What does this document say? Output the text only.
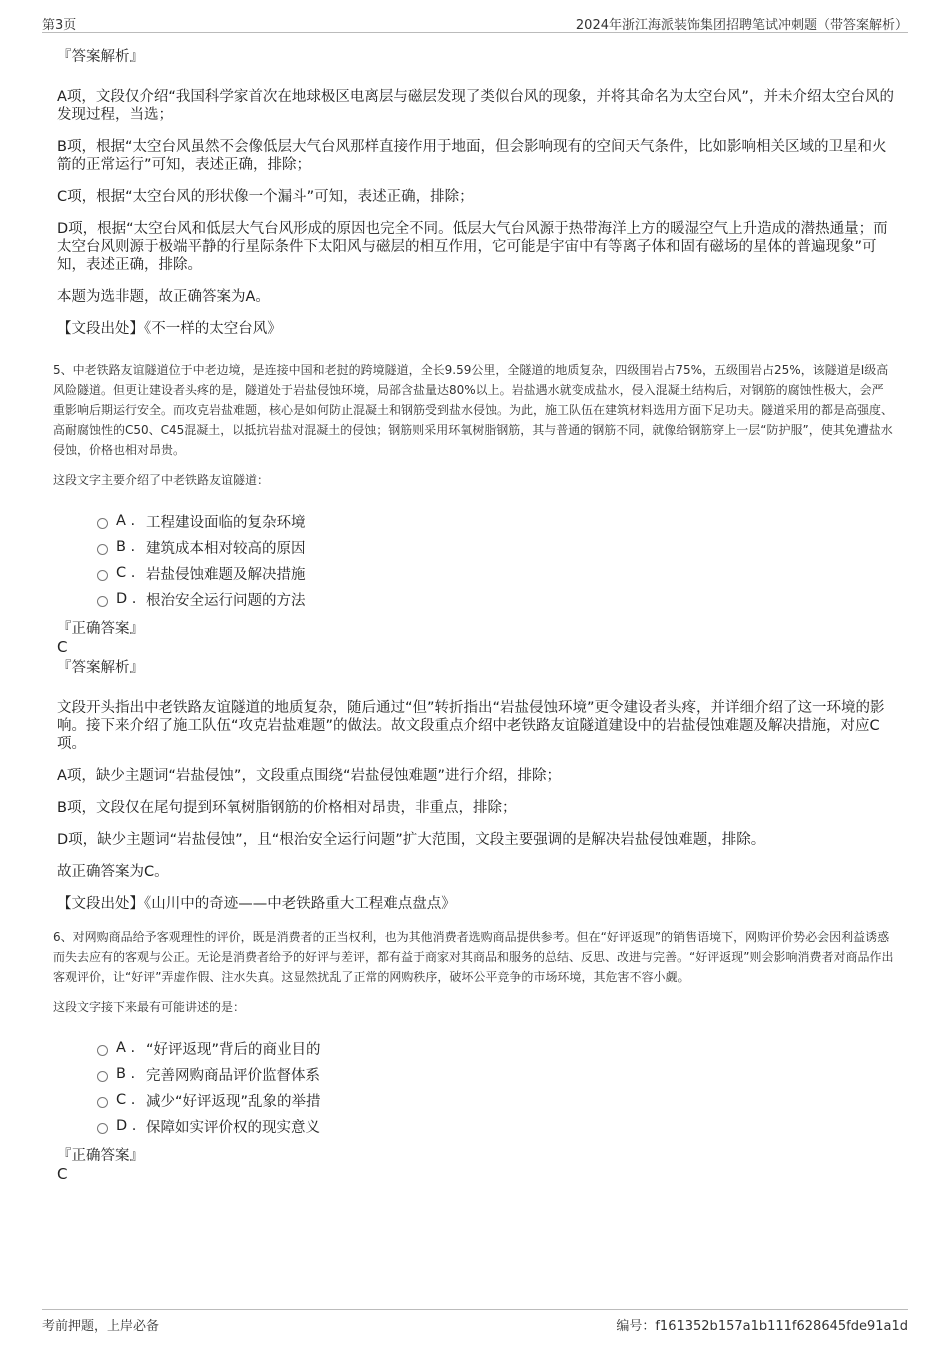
第3页	2024年浙江海派装饰集团招聘笔试冲刺题（带答案解析）

『答案解析』

A项，文段仅介绍“我国科学家首次在地球极区电离层与磁层发现了类似台风的现象，并将其命名为太空台风”，并未介绍太空台风的发现过程，当选；

B项，根据“太空台风虽然不会像低层大气台风那样直接作用于地面，但会影响现有的空间天气条件，比如影响相关区域的卫星和火箭的正常运行”可知，表述正确，排除；

C项，根据“太空台风的形状像一个漏斗”可知，表述正确，排除；

D项，根据“太空台风和低层大气台风形成的原因也完全不同。低层大气台风源于热带海洋上方的暖湿空气上升造成的潜热通量；而太空台风则源于极端平静的行星际条件下太阳风与磁层的相互作用，它可能是宇宙中有等离子体和固有磁场的星体的普遍现象”可知，表述正确，排除。

本题为选非题，故正确答案为A。

【文段出处】《不一样的太空台风》

5、中老铁路友谊隧道位于中老边境，是连接中国和老挝的跨境隧道，全长9.59公里，全隧道的地质复杂，四级围岩占75%，五级围岩占25%，该隧道是Ⅰ级高风险隧道。但更让建设者头疼的是，隧道处于岩盐侵蚀环境，局部含盐量达80%以上。岩盐遇水就变成盐水，侵入混凝土结构后，对钢筋的腐蚀性极大，会严重影响后期运行安全。而攻克岩盐难题，核心是如何防止混凝土和钢筋受到盐水侵蚀。为此，施工队伍在建筑材料选用方面下足功夫。隧道采用的都是高强度、高耐腐蚀性的C50、C45混凝土，以抵抗岩盐对混凝土的侵蚀；钢筋则采用环氧树脂钢筋，其与普通的钢筋不同，就像给钢筋穿上一层“防护服”，使其免遭盐水侵蚀，价格也相对昂贵。

这段文字主要介绍了中老铁路友谊隧道：

A . 工程建设面临的复杂环境
B . 建筑成本相对较高的原因
C . 岩盐侵蚀难题及解决措施
D . 根治安全运行问题的方法

『正确答案』

C

『答案解析』

文段开头指出中老铁路友谊隧道的地质复杂，随后通过“但”转折指出“岩盐侵蚀环境”更令建设者头疼，并详细介绍了这一环境的影响。接下来介绍了施工队伍“攻克岩盐难题”的做法。故文段重点介绍中老铁路友谊隧道建设中的岩盐侵蚀难题及解决措施，对应C项。

A项，缺少主题词“岩盐侵蚀”，文段重点围绕“岩盐侵蚀难题”进行介绍，排除；

B项，文段仅在尾句提到环氧树脂钢筋的价格相对昂贵，非重点，排除；

D项，缺少主题词“岩盐侵蚀”，且“根治安全运行问题”扩大范围，文段主要强调的是解决岩盐侵蚀难题，排除。

故正确答案为C。

【文段出处】《山川中的奇迹——中老铁路重大工程难点盘点》

6、对网购商品给予客观理性的评价，既是消费者的正当权利，也为其他消费者选购商品提供参考。但在“好评返现”的销售语境下，网购评价势必会因利益诱惑而失去应有的客观与公正。无论是消费者给予的好评与差评，都有益于商家对其商品和服务的总结、反思、改进与完善。“好评返现”则会影响消费者对商品作出客观评价，让“好评”弄虚作假、注水失真。这显然扰乱了正常的网购秩序，破坏公平竞争的市场环境，其危害不容小觑。

这段文字接下来最有可能讲述的是：

A . “好评返现”背后的商业目的
B . 完善网购商品评价监督体系
C . 减少“好评返现”乱象的举措
D . 保障如实评价权的现实意义

『正确答案』

C

考前押题，上岸必备	编号：f161352b157a1b111f628645fde91a1d
